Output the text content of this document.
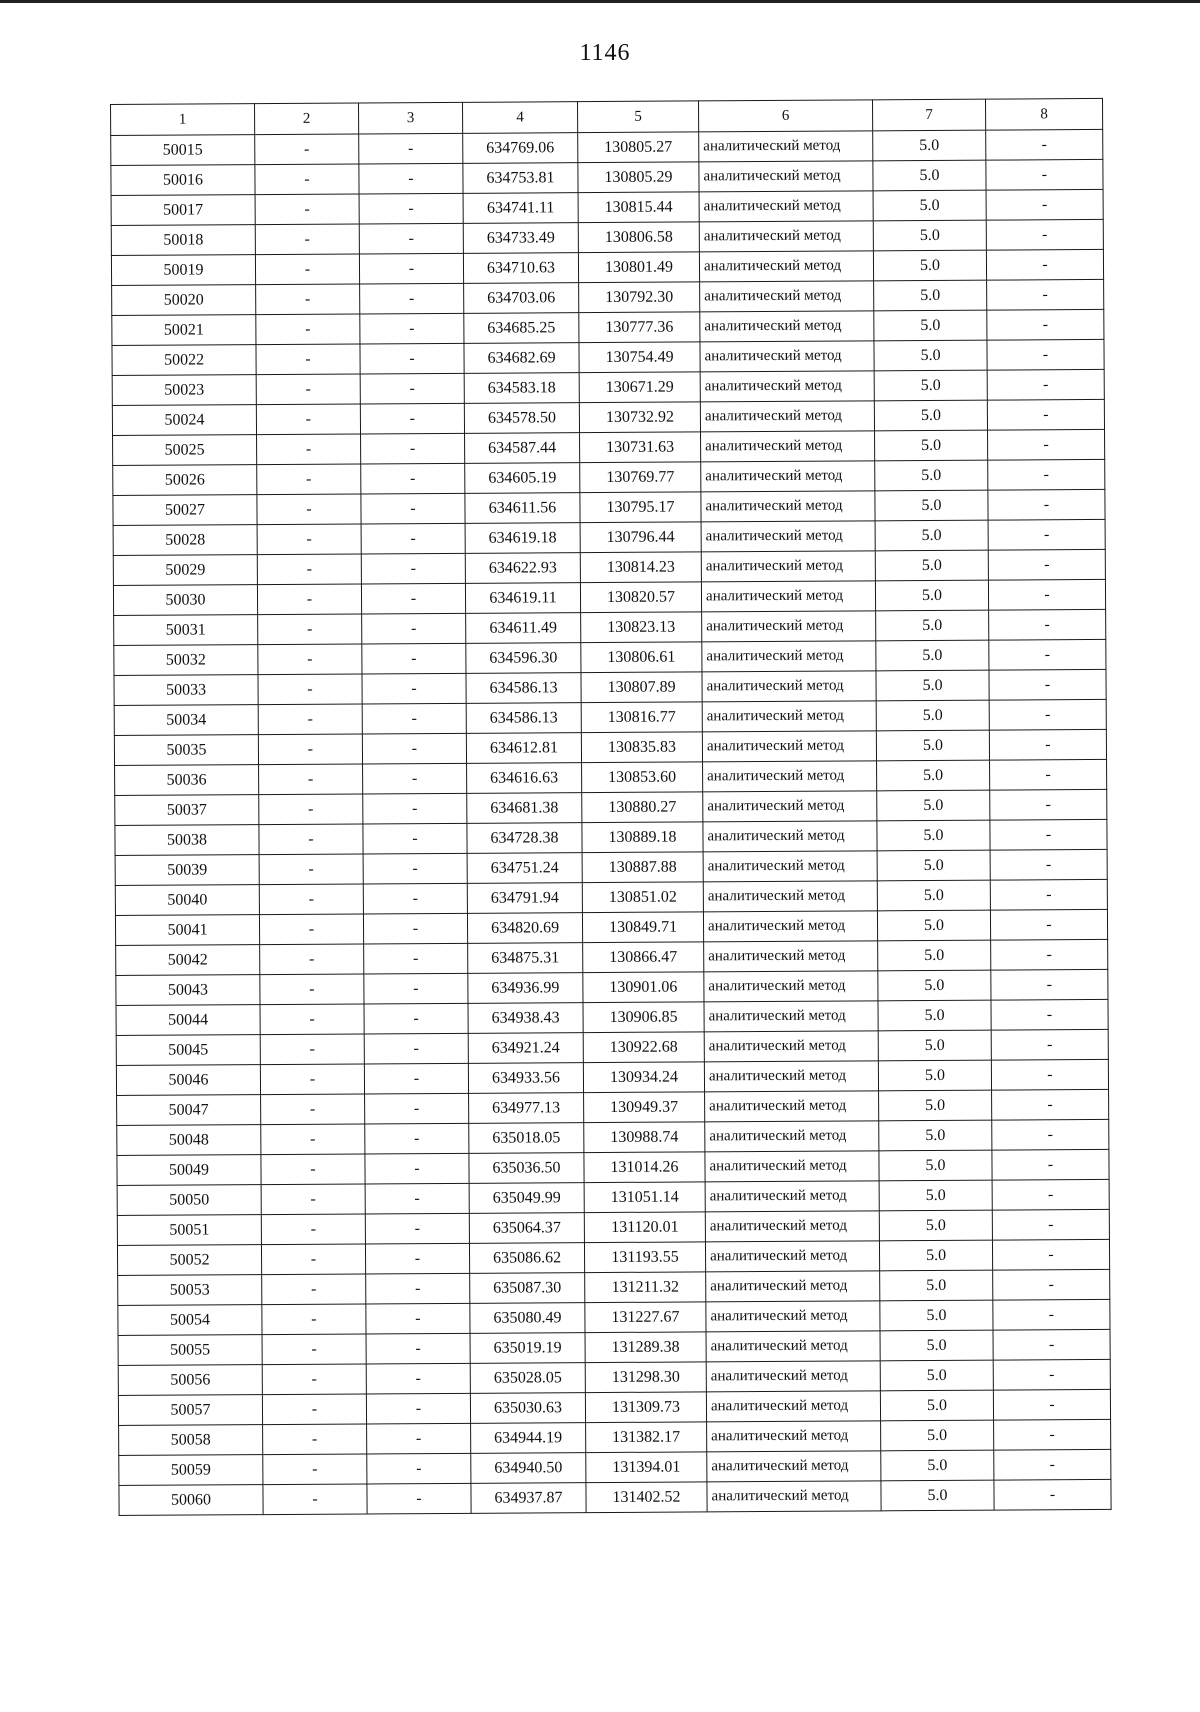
1146
1	2	3	4	5	6	7	8
50015	-	-	634769.06	130805.27	аналитический метод	5.0	-
50016	-	-	634753.81	130805.29	аналитический метод	5.0	-
50017	-	-	634741.11	130815.44	аналитический метод	5.0	-
50018	-	-	634733.49	130806.58	аналитический метод	5.0	-
50019	-	-	634710.63	130801.49	аналитический метод	5.0	-
50020	-	-	634703.06	130792.30	аналитический метод	5.0	-
50021	-	-	634685.25	130777.36	аналитический метод	5.0	-
50022	-	-	634682.69	130754.49	аналитический метод	5.0	-
50023	-	-	634583.18	130671.29	аналитический метод	5.0	-
50024	-	-	634578.50	130732.92	аналитический метод	5.0	-
50025	-	-	634587.44	130731.63	аналитический метод	5.0	-
50026	-	-	634605.19	130769.77	аналитический метод	5.0	-
50027	-	-	634611.56	130795.17	аналитический метод	5.0	-
50028	-	-	634619.18	130796.44	аналитический метод	5.0	-
50029	-	-	634622.93	130814.23	аналитический метод	5.0	-
50030	-	-	634619.11	130820.57	аналитический метод	5.0	-
50031	-	-	634611.49	130823.13	аналитический метод	5.0	-
50032	-	-	634596.30	130806.61	аналитический метод	5.0	-
50033	-	-	634586.13	130807.89	аналитический метод	5.0	-
50034	-	-	634586.13	130816.77	аналитический метод	5.0	-
50035	-	-	634612.81	130835.83	аналитический метод	5.0	-
50036	-	-	634616.63	130853.60	аналитический метод	5.0	-
50037	-	-	634681.38	130880.27	аналитический метод	5.0	-
50038	-	-	634728.38	130889.18	аналитический метод	5.0	-
50039	-	-	634751.24	130887.88	аналитический метод	5.0	-
50040	-	-	634791.94	130851.02	аналитический метод	5.0	-
50041	-	-	634820.69	130849.71	аналитический метод	5.0	-
50042	-	-	634875.31	130866.47	аналитический метод	5.0	-
50043	-	-	634936.99	130901.06	аналитический метод	5.0	-
50044	-	-	634938.43	130906.85	аналитический метод	5.0	-
50045	-	-	634921.24	130922.68	аналитический метод	5.0	-
50046	-	-	634933.56	130934.24	аналитический метод	5.0	-
50047	-	-	634977.13	130949.37	аналитический метод	5.0	-
50048	-	-	635018.05	130988.74	аналитический метод	5.0	-
50049	-	-	635036.50	131014.26	аналитический метод	5.0	-
50050	-	-	635049.99	131051.14	аналитический метод	5.0	-
50051	-	-	635064.37	131120.01	аналитический метод	5.0	-
50052	-	-	635086.62	131193.55	аналитический метод	5.0	-
50053	-	-	635087.30	131211.32	аналитический метод	5.0	-
50054	-	-	635080.49	131227.67	аналитический метод	5.0	-
50055	-	-	635019.19	131289.38	аналитический метод	5.0	-
50056	-	-	635028.05	131298.30	аналитический метод	5.0	-
50057	-	-	635030.63	131309.73	аналитический метод	5.0	-
50058	-	-	634944.19	131382.17	аналитический метод	5.0	-
50059	-	-	634940.50	131394.01	аналитический метод	5.0	-
50060	-	-	634937.87	131402.52	аналитический метод	5.0	-
